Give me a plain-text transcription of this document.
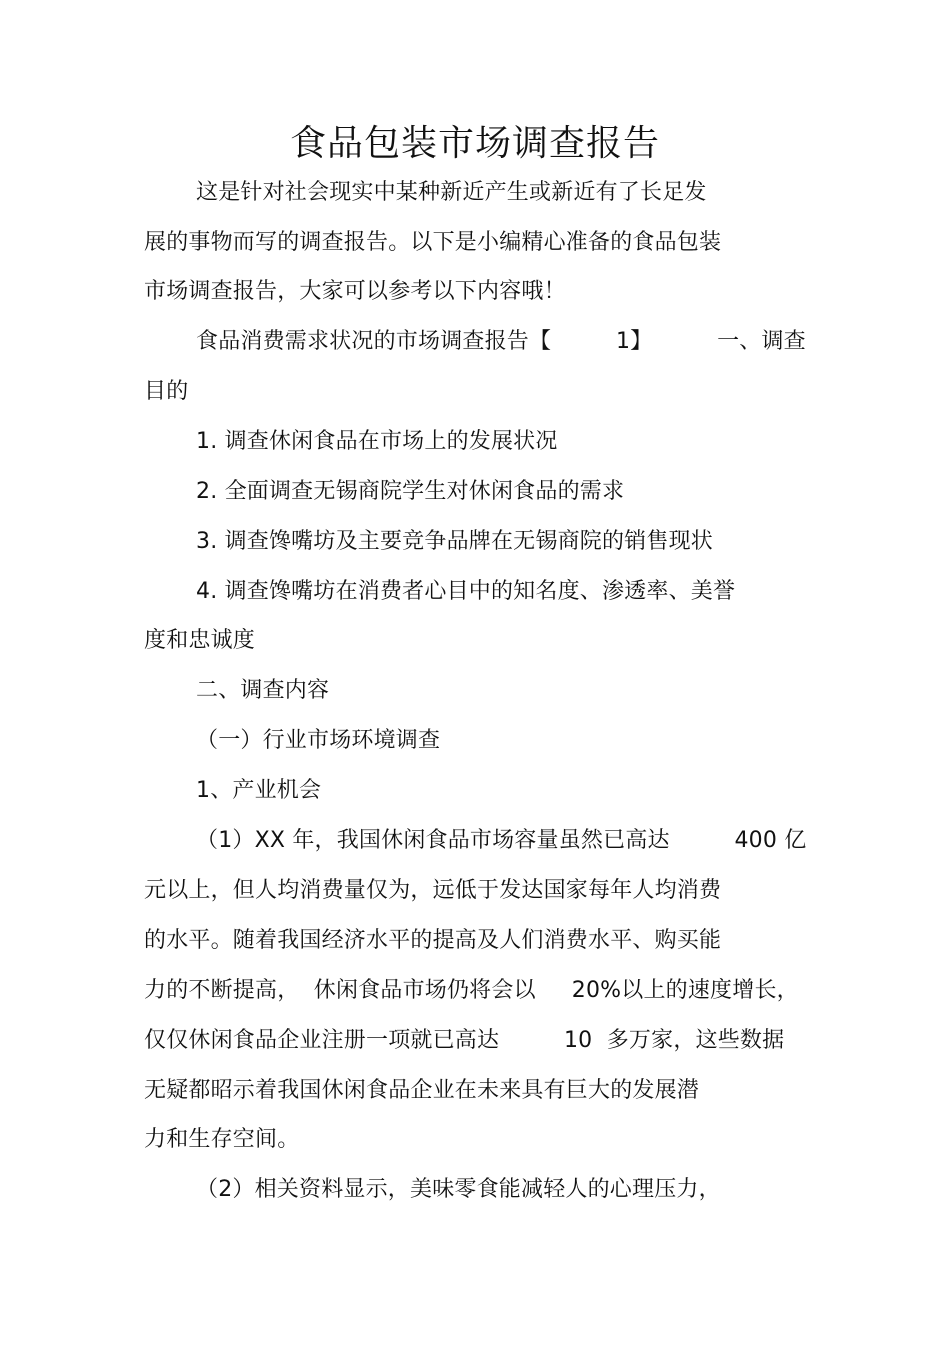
食品包装市场调查报告
这是针对社会现实中某种新近产生或新近有了长足发
展的事物而写的调查报告。以下是小编精心准备的食品包装
市场调查报告，大家可以参考以下内容哦！
食品消费需求状况的市场调查报告【         1】         一、调查
目的
1. 调查休闲食品在市场上的发展状况
2. 全面调查无锡商院学生对休闲食品的需求
3. 调查馋嘴坊及主要竞争品牌在无锡商院的销售现状
4. 调查馋嘴坊在消费者心目中的知名度、渗透率、美誉
度和忠诚度
二、调查内容
（一）行业市场环境调查
1、产业机会
（1）XX 年，我国休闲食品市场容量虽然已高达         400 亿
元以上，但人均消费量仅为，远低于发达国家每年人均消费
的水平。随着我国经济水平的提高及人们消费水平、购买能
力的不断提高，  休闲食品市场仍将会以     20%以上的速度增长，
仅仅休闲食品企业注册一项就已高达         10  多万家，这些数据
无疑都昭示着我国休闲食品企业在未来具有巨大的发展潜
力和生存空间。
（2）相关资料显示，美味零食能减轻人的心理压力，
